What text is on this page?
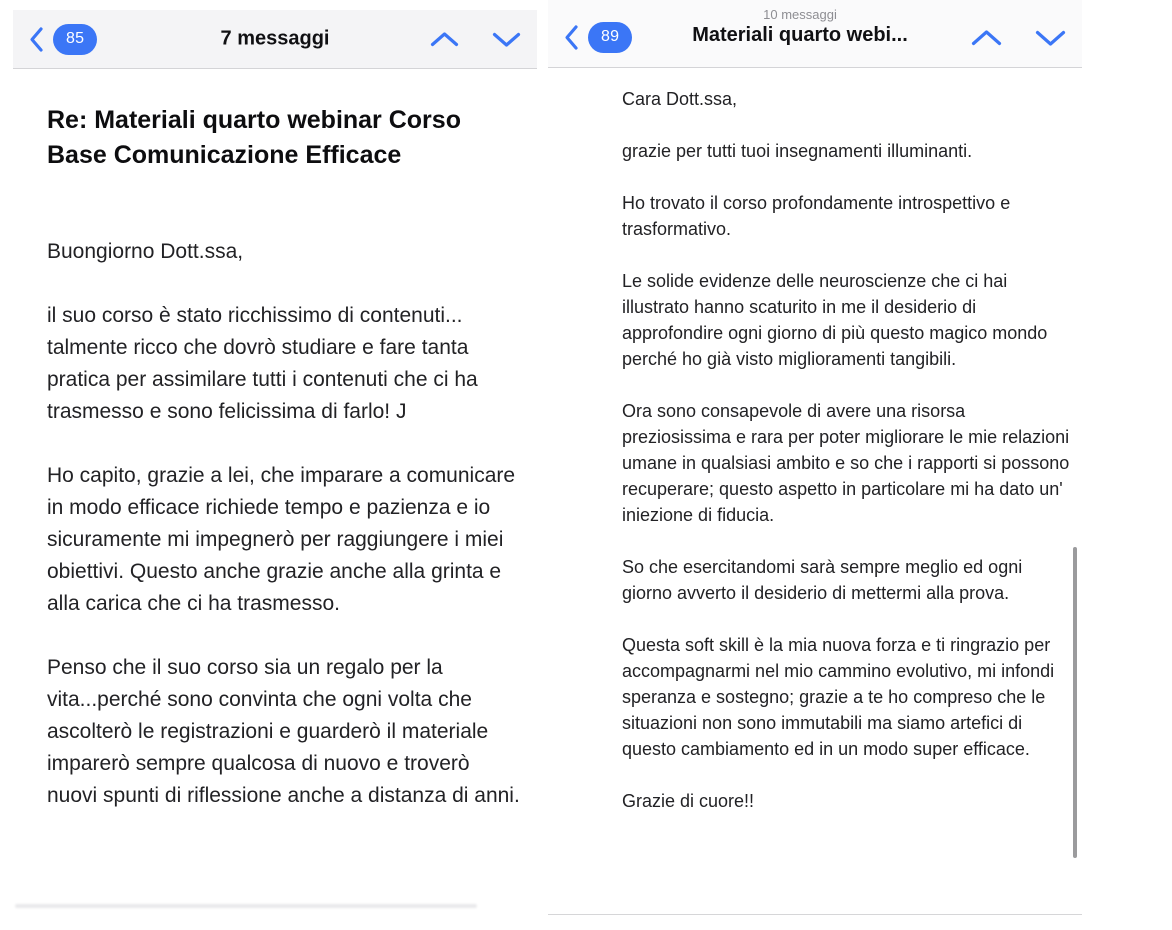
85	7 messaggi
Re: Materiali quarto webinar Corso Base Comunicazione Efficace

Buongiorno Dott.ssa,

il suo corso è stato ricchissimo di contenuti... talmente ricco che dovrò studiare e fare tanta pratica per assimilare tutti i contenuti che ci ha trasmesso e sono felicissima di farlo! J

Ho capito, grazie a lei, che imparare a comunicare in modo efficace richiede tempo e pazienza e io sicuramente mi impegnerò per raggiungere i miei obiettivi. Questo anche grazie anche alla grinta e alla carica che ci ha trasmesso.

Penso che il suo corso sia un regalo per la vita...perché sono convinta che ogni volta che ascolterò le registrazioni e guarderò il materiale imparerò sempre qualcosa di nuovo e troverò nuovi spunti di riflessione anche a distanza di anni.

89
10 messaggi
Materiali quarto webi...

Cara Dott.ssa,

grazie per tutti tuoi insegnamenti illuminanti.

Ho trovato il corso profondamente introspettivo e trasformativo.

Le solide evidenze delle neuroscienze che ci hai illustrato hanno scaturito in me il desiderio di approfondire ogni giorno di più questo magico mondo perché ho già visto miglioramenti tangibili.

Ora sono consapevole di avere una risorsa preziosissima e rara per poter migliorare le mie relazioni umane in qualsiasi ambito e so che i rapporti si possono recuperare; questo aspetto in particolare mi ha dato un' iniezione di fiducia.

So che esercitandomi sarà sempre meglio ed ogni giorno avverto il desiderio di mettermi alla prova.

Questa soft skill è la mia nuova forza e ti ringrazio per accompagnarmi nel mio cammino evolutivo, mi infondi speranza e sostegno; grazie a te ho compreso che le situazioni non sono immutabili ma siamo artefici di questo cambiamento ed in un modo super efficace.

Grazie di cuore!!
